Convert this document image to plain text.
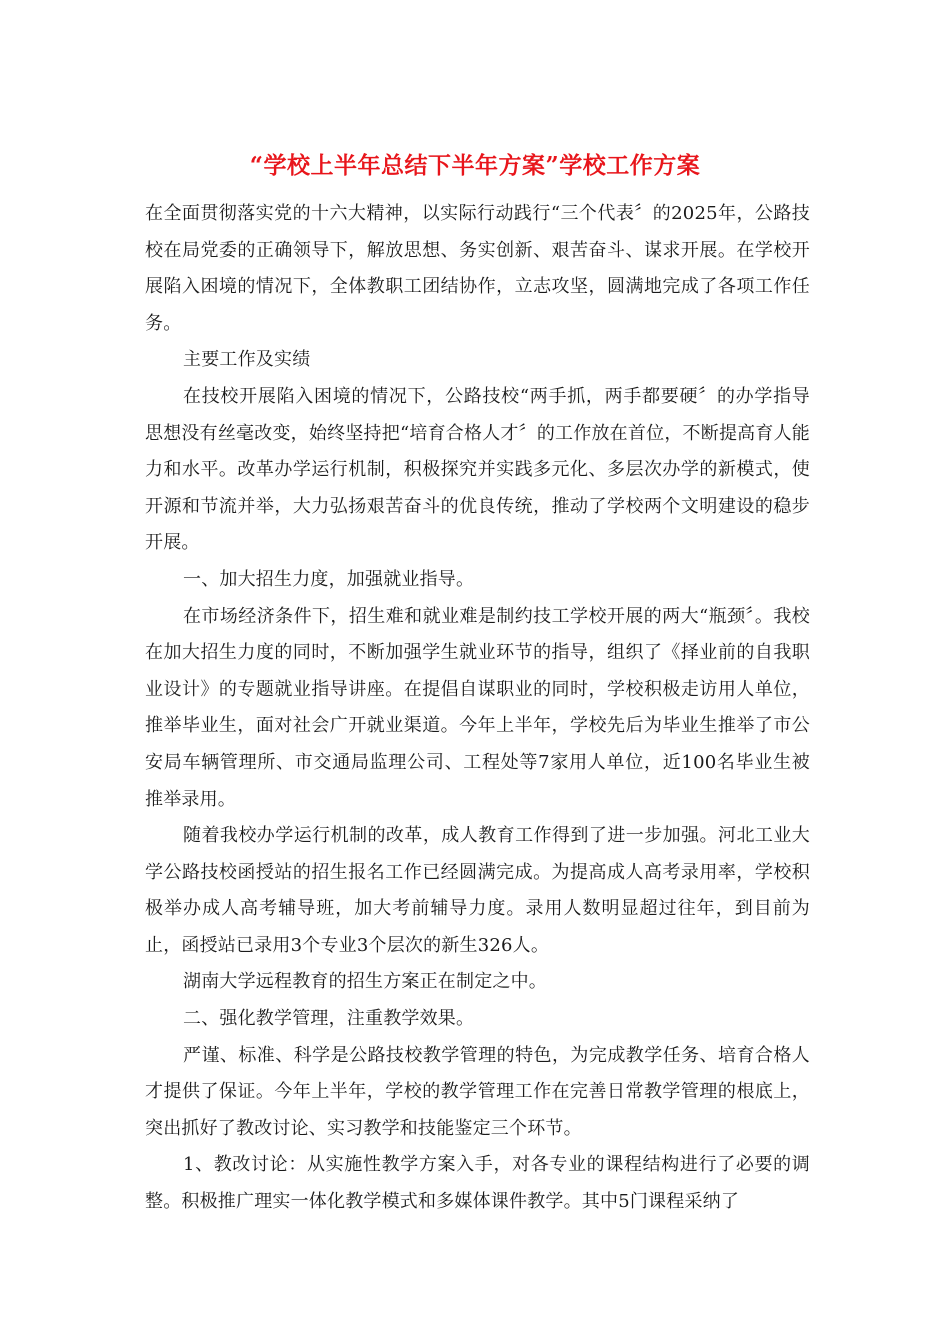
“学校上半年总结下半年方案”学校工作方案

在全面贯彻落实党的十六大精神，以实际行动践行“三个代表〞的2025年，公路技校在局党委的正确领导下，解放思想、务实创新、艰苦奋斗、谋求开展。在学校开展陷入困境的情况下，全体教职工团结协作，立志攻坚，圆满地完成了各项工作任务。

主要工作及实绩

在技校开展陷入困境的情况下，公路技校“两手抓，两手都要硬〞的办学指导思想没有丝毫改变，始终坚持把“培育合格人才〞的工作放在首位，不断提高育人能力和水平。改革办学运行机制，积极探究并实践多元化、多层次办学的新模式，使开源和节流并举，大力弘扬艰苦奋斗的优良传统，推动了学校两个文明建设的稳步开展。

一、加大招生力度，加强就业指导。

在市场经济条件下，招生难和就业难是制约技工学校开展的两大“瓶颈〞。我校在加大招生力度的同时，不断加强学生就业环节的指导，组织了《择业前的自我职业设计》的专题就业指导讲座。在提倡自谋职业的同时，学校积极走访用人单位，推举毕业生，面对社会广开就业渠道。今年上半年，学校先后为毕业生推举了市公安局车辆管理所、市交通局监理公司、工程处等7家用人单位，近100名毕业生被推举录用。

随着我校办学运行机制的改革，成人教育工作得到了进一步加强。河北工业大学公路技校函授站的招生报名工作已经圆满完成。为提高成人高考录用率，学校积极举办成人高考辅导班，加大考前辅导力度。录用人数明显超过往年，到目前为止，函授站已录用3个专业3个层次的新生326人。

湖南大学远程教育的招生方案正在制定之中。

二、强化教学管理，注重教学效果。

严谨、标准、科学是公路技校教学管理的特色，为完成教学任务、培育合格人才提供了保证。今年上半年，学校的教学管理工作在完善日常教学管理的根底上，突出抓好了教改讨论、实习教学和技能鉴定三个环节。

1、教改讨论：从实施性教学方案入手，对各专业的课程结构进行了必要的调整。积极推广理实一体化教学模式和多媒体课件教学。其中5门课程采纳了
